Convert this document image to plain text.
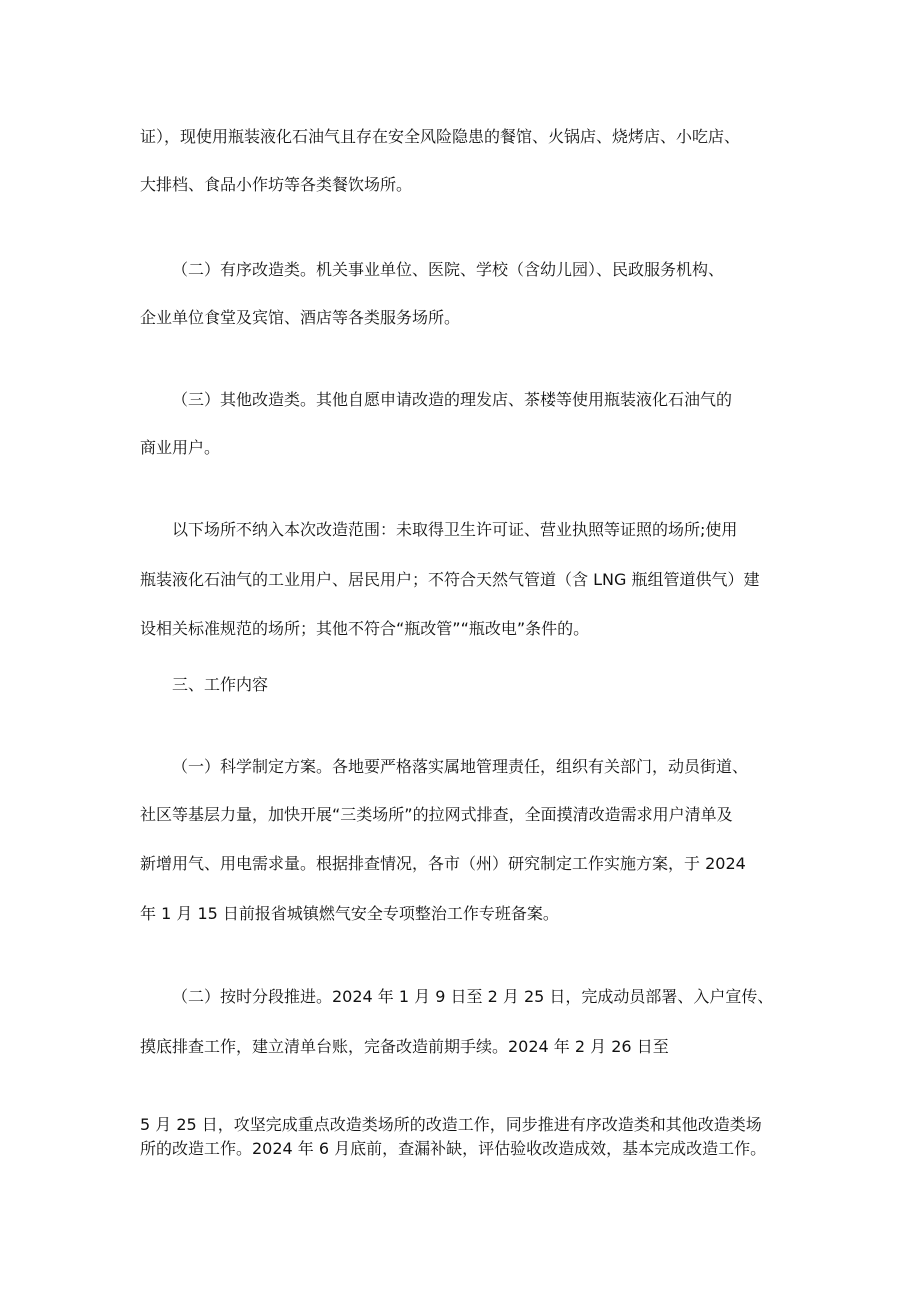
证），现使用瓶装液化石油气且存在安全风险隐患的餐馆、火锅店、烧烤店、小吃店、
大排档、食品小作坊等各类餐饮场所。
（二）有序改造类。机关事业单位、医院、学校（含幼儿园）、民政服务机构、
企业单位食堂及宾馆、酒店等各类服务场所。
（三）其他改造类。其他自愿申请改造的理发店、茶楼等使用瓶装液化石油气的
商业用户。
以下场所不纳入本次改造范围：未取得卫生许可证、营业执照等证照的场所;使用
瓶装液化石油气的工业用户、居民用户；不符合天然气管道（含 LNG 瓶组管道供气）建
设相关标准规范的场所；其他不符合“瓶改管”“瓶改电”条件的。
三、工作内容
（一）科学制定方案。各地要严格落实属地管理责任，组织有关部门，动员街道、
社区等基层力量，加快开展“三类场所”的拉网式排查，全面摸清改造需求用户清单及
新增用气、用电需求量。根据排查情况，各市（州）研究制定工作实施方案，于 2024
年 1 月 15 日前报省城镇燃气安全专项整治工作专班备案。
（二）按时分段推进。2024 年 1 月 9 日至 2 月 25 日，完成动员部署、入户宣传、
摸底排查工作，建立清单台账，完备改造前期手续。2024 年 2 月 26 日至
5 月 25 日，攻坚完成重点改造类场所的改造工作，同步推进有序改造类和其他改造类场
所的改造工作。2024 年 6 月底前，查漏补缺，评估验收改造成效，基本完成改造工作。
